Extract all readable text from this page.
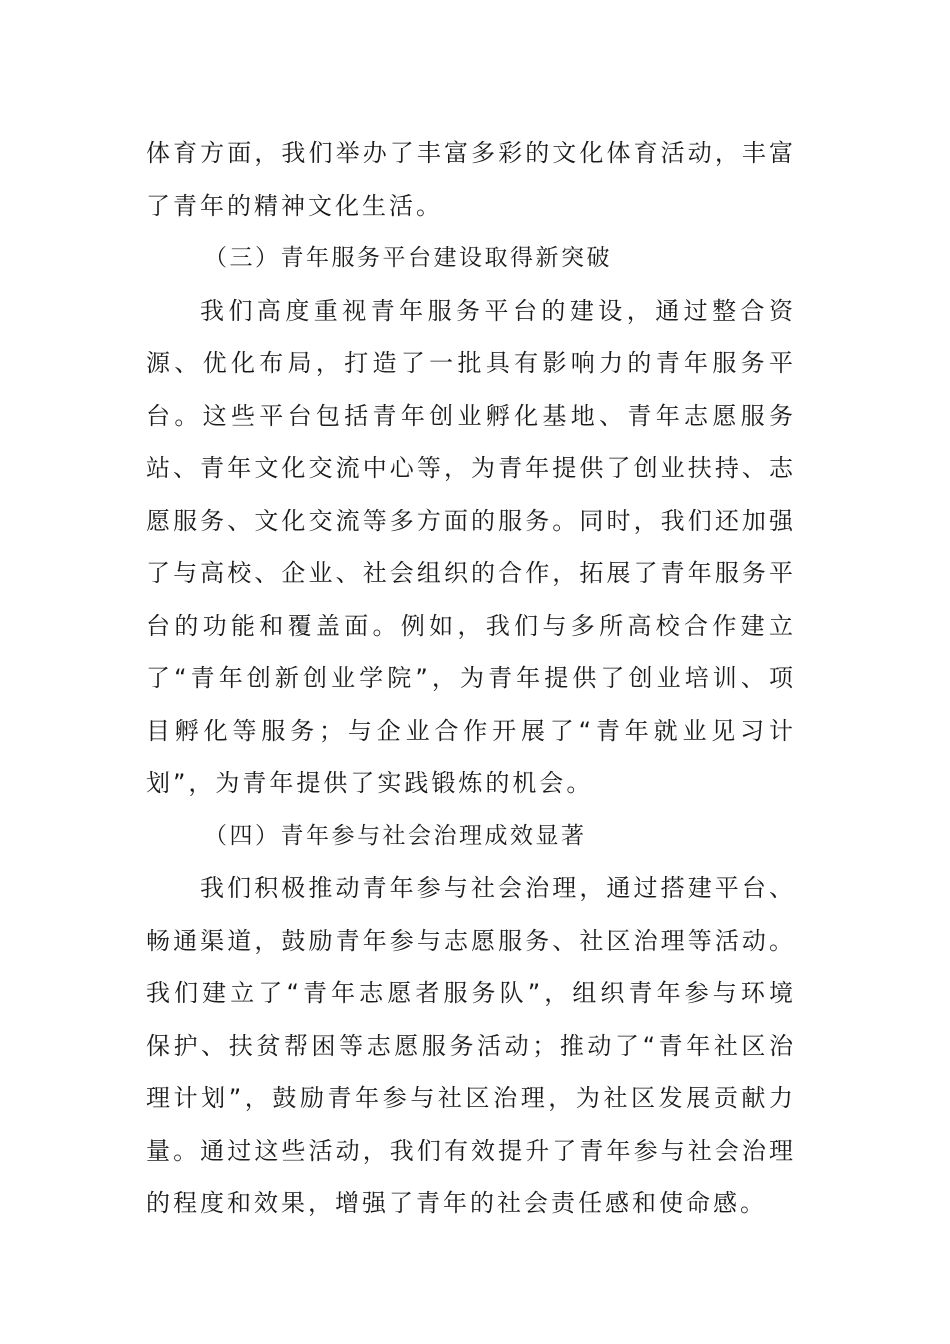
体育方面，我们举办了丰富多彩的文化体育活动，丰富了青年的精神文化生活。

（三）青年服务平台建设取得新突破

我们高度重视青年服务平台的建设，通过整合资源、优化布局，打造了一批具有影响力的青年服务平台。这些平台包括青年创业孵化基地、青年志愿服务站、青年文化交流中心等，为青年提供了创业扶持、志愿服务、文化交流等多方面的服务。同时，我们还加强了与高校、企业、社会组织的合作，拓展了青年服务平台的功能和覆盖面。例如，我们与多所高校合作建立了“青年创新创业学院”，为青年提供了创业培训、项目孵化等服务；与企业合作开展了“青年就业见习计划”，为青年提供了实践锻炼的机会。

（四）青年参与社会治理成效显著

我们积极推动青年参与社会治理，通过搭建平台、畅通渠道，鼓励青年参与志愿服务、社区治理等活动。我们建立了“青年志愿者服务队”，组织青年参与环境保护、扶贫帮困等志愿服务活动；推动了“青年社区治理计划”，鼓励青年参与社区治理，为社区发展贡献力量。通过这些活动，我们有效提升了青年参与社会治理的程度和效果，增强了青年的社会责任感和使命感。
